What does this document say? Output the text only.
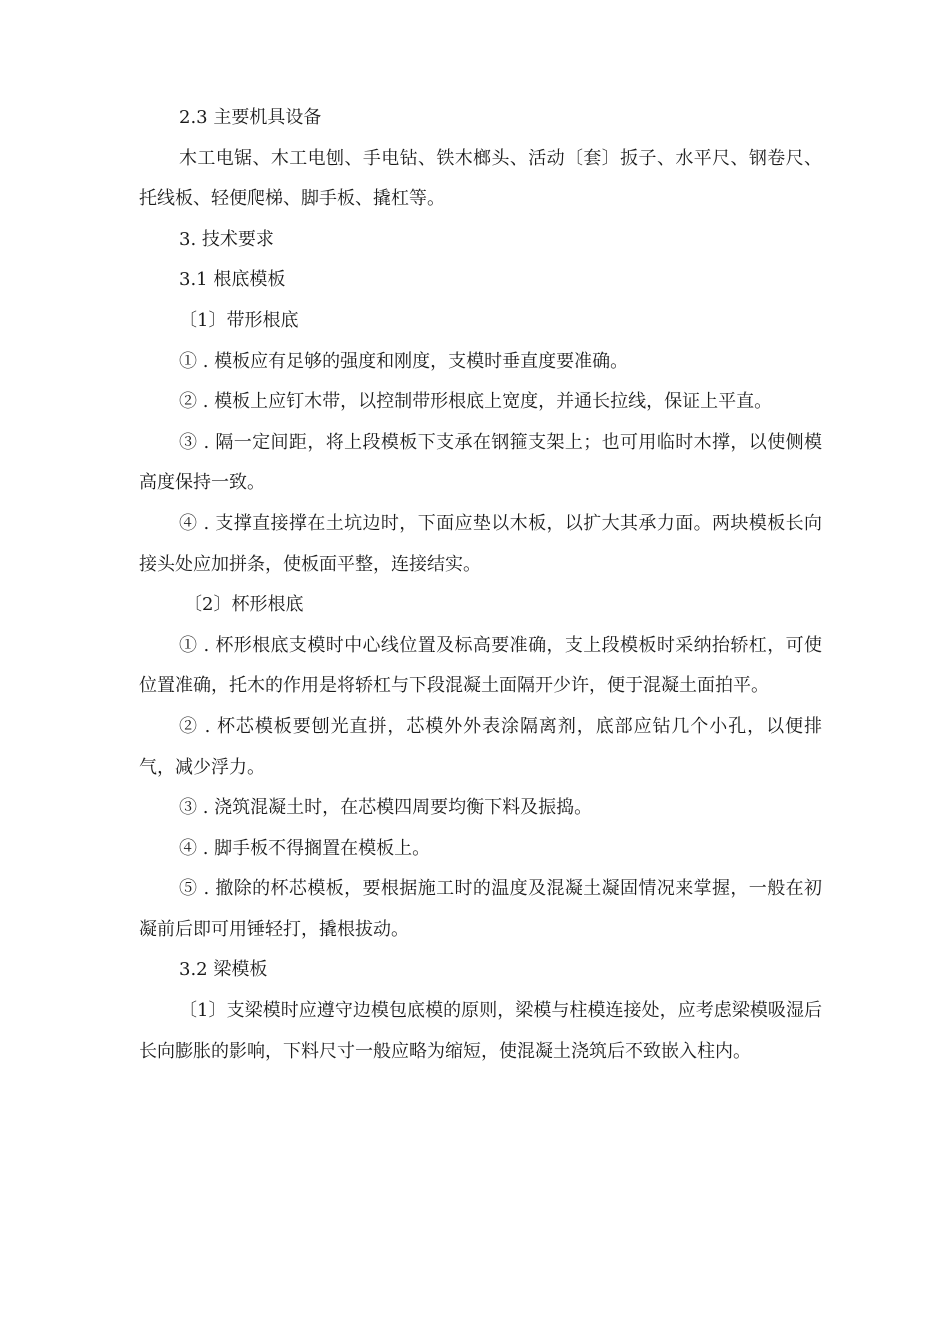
2.3 主要机具设备

木工电锯、木工电刨、手电钻、铁木榔头、活动〔套〕扳子、水平尺、钢卷尺、托线板、轻便爬梯、脚手板、撬杠等。

3. 技术要求

3.1 根底模板

〔1〕带形根底

① . 模板应有足够的强度和刚度，支模时垂直度要准确。

② . 模板上应钉木带，以控制带形根底上宽度，并通长拉线，保证上平直。

③ . 隔一定间距，将上段模板下支承在钢箍支架上；也可用临时木撑，以使侧模高度保持一致。

④ . 支撑直接撑在土坑边时，下面应垫以木板，以扩大其承力面。两块模板长向接头处应加拼条，使板面平整，连接结实。

〔2〕杯形根底

① . 杯形根底支模时中心线位置及标高要准确，支上段模板时采纳抬轿杠，可使位置准确，托木的作用是将轿杠与下段混凝土面隔开少许，便于混凝土面拍平。

② . 杯芯模板要刨光直拼，芯模外外表涂隔离剂，底部应钻几个小孔，以便排气，减少浮力。

③ . 浇筑混凝土时，在芯模四周要均衡下料及振捣。

④ . 脚手板不得搁置在模板上。

⑤ . 撤除的杯芯模板，要根据施工时的温度及混凝土凝固情况来掌握，一般在初凝前后即可用锤轻打，撬根拔动。

3.2 梁模板

〔1〕支梁模时应遵守边模包底模的原则，梁模与柱模连接处，应考虑梁模吸湿后长向膨胀的影响，下料尺寸一般应略为缩短，使混凝土浇筑后不致嵌入柱内。
